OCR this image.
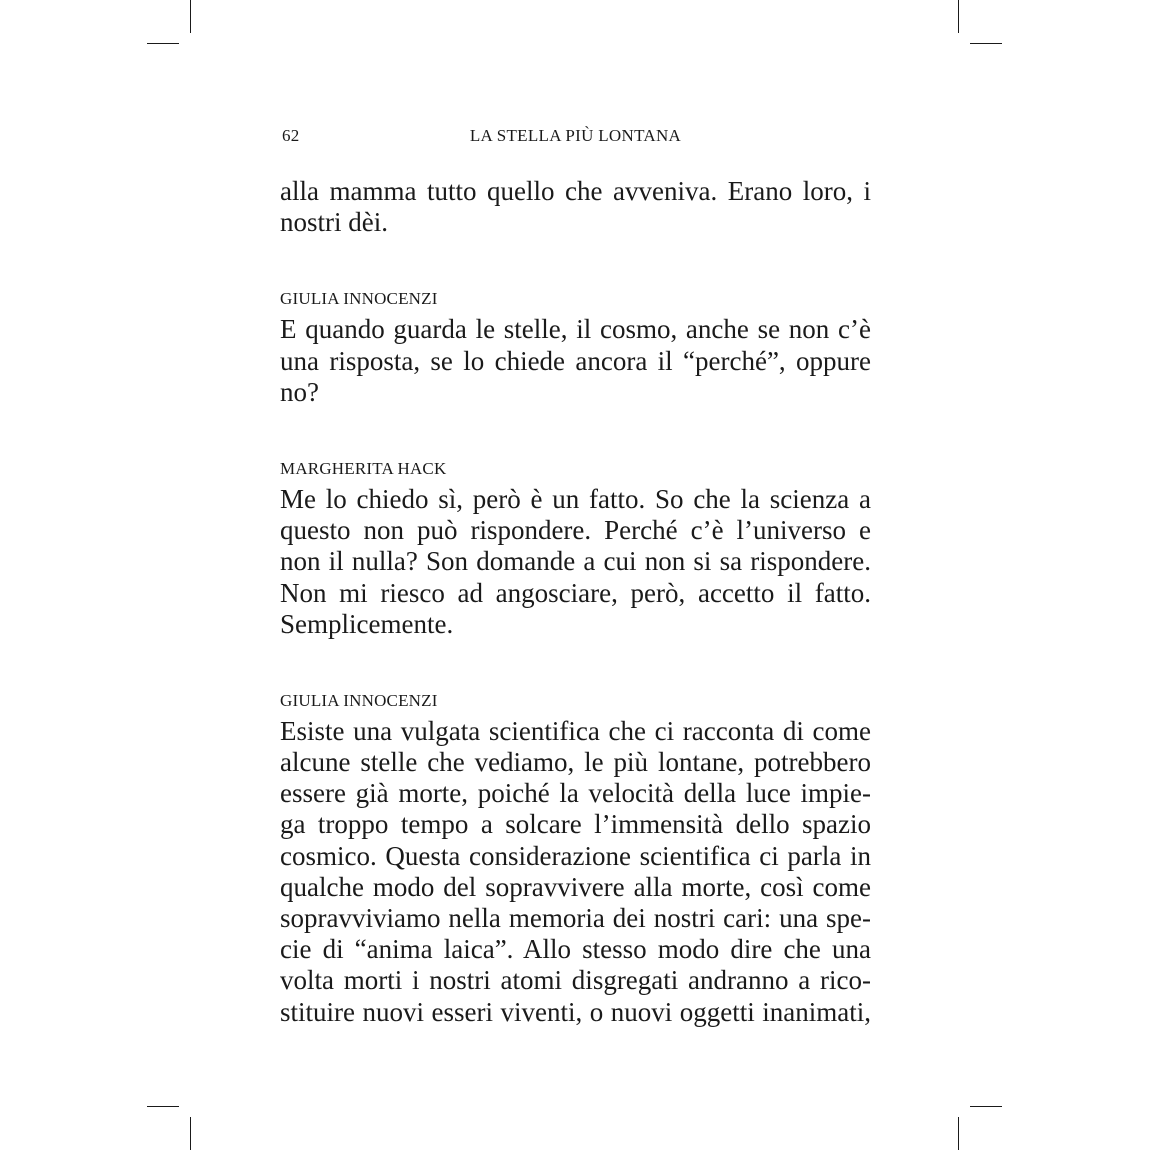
62	LA STELLA PIÙ LONTANA

alla mamma tutto quello che avveniva. Erano loro, i
nostri dèi.

GIULIA INNOCENZI

E quando guarda le stelle, il cosmo, anche se non c’è
una risposta, se lo chiede ancora il “perché”, oppure
no?

MARGHERITA HACK

Me lo chiedo sì, però è un fatto. So che la scienza a
questo non può rispondere. Perché c’è l’universo e
non il nulla? Son domande a cui non si sa rispondere.
Non mi riesco ad angosciare, però, accetto il fatto.
Semplicemente.

GIULIA INNOCENZI

Esiste una vulgata scientifica che ci racconta di come
alcune stelle che vediamo, le più lontane, potrebbero
essere già morte, poiché la velocità della luce impie-
ga troppo tempo a solcare l’immensità dello spazio
cosmico. Questa considerazione scientifica ci parla in
qualche modo del sopravvivere alla morte, così come
sopravviviamo nella memoria dei nostri cari: una spe-
cie di “anima laica”. Allo stesso modo dire che una
volta morti i nostri atomi disgregati andranno a rico-
stituire nuovi esseri viventi, o nuovi oggetti inanimati,
